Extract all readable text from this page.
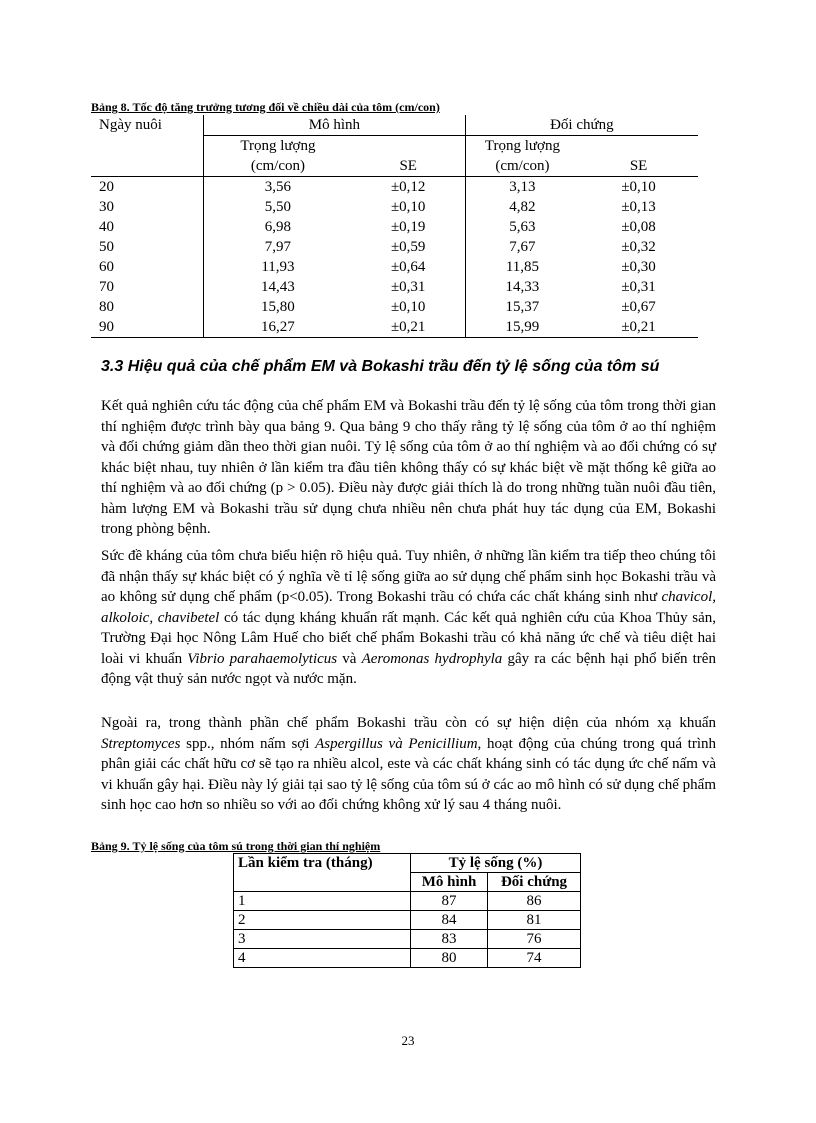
Bảng 8. Tốc độ tăng trưởng tương đối về chiều dài của tôm (cm/con)
Ngày nuôi	Mô hình		Đối chứng	
	Trọng lượng		Trọng lượng	
	(cm/con)	SE	(cm/con)	SE
20	3,56	±0,12	3,13	±0,10
30	5,50	±0,10	4,82	±0,13
40	6,98	±0,19	5,63	±0,08
50	7,97	±0,59	7,67	±0,32
60	11,93	±0,64	11,85	±0,30
70	14,43	±0,31	14,33	±0,31
80	15,80	±0,10	15,37	±0,67
90	16,27	±0,21	15,99	±0,21
3.3 Hiệu quả của chế phẩm EM và Bokashi trầu đến tỷ lệ sống của tôm sú
Kết quả nghiên cứu tác động của chế phẩm EM và Bokashi trầu đến tỷ lệ sống của tôm trong thời gian thí nghiệm được trình bày qua bảng 9. Qua bảng 9 cho thấy rằng tỷ lệ sống của tôm ở ao thí nghiệm và đối chứng giảm dần theo thời gian nuôi. Tỷ lệ sống của tôm ở ao thí nghiệm và ao đối chứng có sự khác biệt nhau, tuy nhiên ở lần kiểm tra đầu tiên không thấy có sự khác biệt về mặt thống kê giữa ao thí nghiệm và ao đối chứng (p > 0.05). Điều này được giải thích là do trong những tuần nuôi đầu tiên, hàm lượng EM và Bokashi trầu sử dụng chưa nhiều nên chưa phát huy tác dụng của EM, Bokashi trong phòng bệnh.
Sức đề kháng của tôm chưa biểu hiện rõ hiệu quả. Tuy nhiên, ở những lần kiểm tra tiếp theo chúng tôi đã nhận thấy sự khác biệt có ý nghĩa về tỉ lệ sống giữa ao sử dụng chế phẩm sinh học Bokashi trầu và ao không sử dụng chế phẩm (p<0.05). Trong Bokashi trầu có chứa các chất kháng sinh như chavicol, alkoloic, chavibetel có tác dụng kháng khuẩn rất mạnh. Các kết quả nghiên cứu của Khoa Thủy sản, Trường Đại học Nông Lâm Huế cho biết chế phẩm Bokashi trầu có khả năng ức chế và tiêu diệt hai loài vi khuẩn Vibrio parahaemolyticus và Aeromonas hydrophyla gây ra các bệnh hại phổ biến trên động vật thuỷ sản nước ngọt và nước mặn.
Ngoài ra, trong thành phần chế phẩm Bokashi trầu còn có sự hiện diện của nhóm xạ khuẩn Streptomyces spp., nhóm nấm sợi Aspergillus và Penicillium, hoạt động của chúng trong quá trình phân giải các chất hữu cơ sẽ tạo ra nhiều alcol, este và các chất kháng sinh có tác dụng ức chế nấm và vi khuẩn gây hại. Điều này lý giải tại sao tỷ lệ sống của tôm sú ở các ao mô hình có sử dụng chế phẩm sinh học cao hơn so nhiều so với ao đối chứng không xử lý sau 4 tháng nuôi.
Bảng 9. Tỷ lệ sống của tôm sú trong thời gian thí nghiệm
Lần kiểm tra (tháng)	Tỷ lệ sống (%)	
	Mô hình	Đối chứng
1	87	86
2	84	81
3	83	76
4	80	74
23
